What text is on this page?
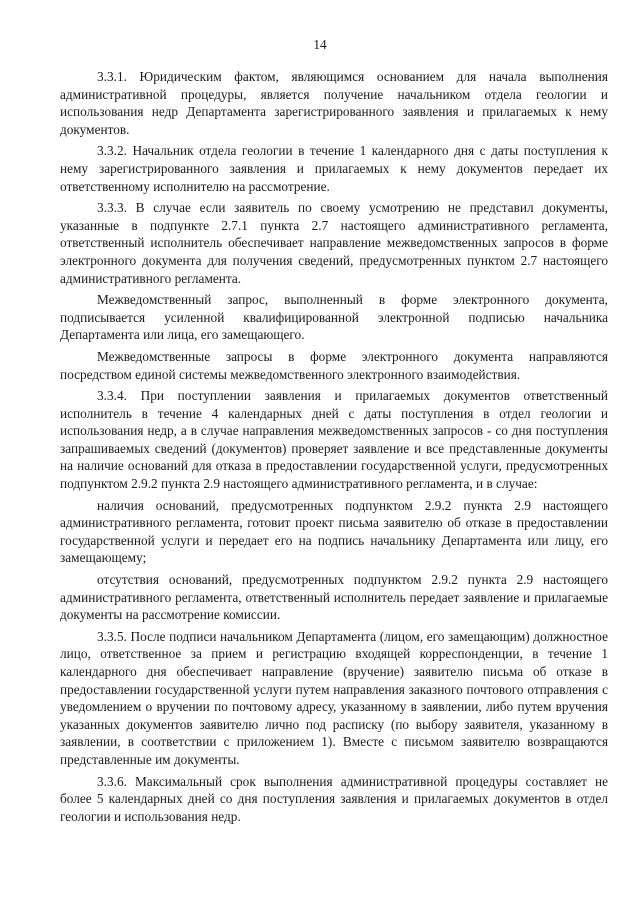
14

3.3.1. Юридическим фактом, являющимся основанием для начала выполнения административной процедуры, является получение начальником отдела геологии и использования недр Департамента зарегистрированного заявления и прилагаемых к нему документов.

3.3.2. Начальник отдела геологии в течение 1 календарного дня с даты поступления к нему зарегистрированного заявления и прилагаемых к нему документов передает их ответственному исполнителю на рассмотрение.

3.3.3. В случае если заявитель по своему усмотрению не представил документы, указанные в подпункте 2.7.1 пункта 2.7 настоящего административного регламента, ответственный исполнитель обеспечивает направление межведомственных запросов в форме электронного документа для получения сведений, предусмотренных пунктом 2.7 настоящего административного регламента.

Межведомственный запрос, выполненный в форме электронного документа, подписывается усиленной квалифицированной электронной подписью начальника Департамента или лица, его замещающего.

Межведомственные запросы в форме электронного документа направляются посредством единой системы межведомственного электронного взаимодействия.

3.3.4. При поступлении заявления и прилагаемых документов ответственный исполнитель в течение 4 календарных дней с даты поступления в отдел геологии и использования недр, а в случае направления межведомственных запросов - со дня поступления запрашиваемых сведений (документов) проверяет заявление и все представленные документы на наличие оснований для отказа в предоставлении государственной услуги, предусмотренных подпунктом 2.9.2 пункта 2.9 настоящего административного регламента, и в случае:

наличия оснований, предусмотренных подпунктом 2.9.2 пункта 2.9 настоящего административного регламента, готовит проект письма заявителю об отказе в предоставлении государственной услуги и передает его на подпись начальнику Департамента или лицу, его замещающему;

отсутствия оснований, предусмотренных подпунктом 2.9.2 пункта 2.9 настоящего административного регламента, ответственный исполнитель передает заявление и прилагаемые документы на рассмотрение комиссии.

3.3.5. После подписи начальником Департамента (лицом, его замещающим) должностное лицо, ответственное за прием и регистрацию входящей корреспонденции, в течение 1 календарного дня обеспечивает направление (вручение) заявителю письма об отказе в предоставлении государственной услуги путем направления заказного почтового отправления с уведомлением о вручении по почтовому адресу, указанному в заявлении, либо путем вручения указанных документов заявителю лично под расписку (по выбору заявителя, указанному в заявлении, в соответствии с приложением 1). Вместе с письмом заявителю возвращаются представленные им документы.

3.3.6. Максимальный срок выполнения административной процедуры составляет не более 5 календарных дней со дня поступления заявления и прилагаемых документов в отдел геологии и использования недр.
